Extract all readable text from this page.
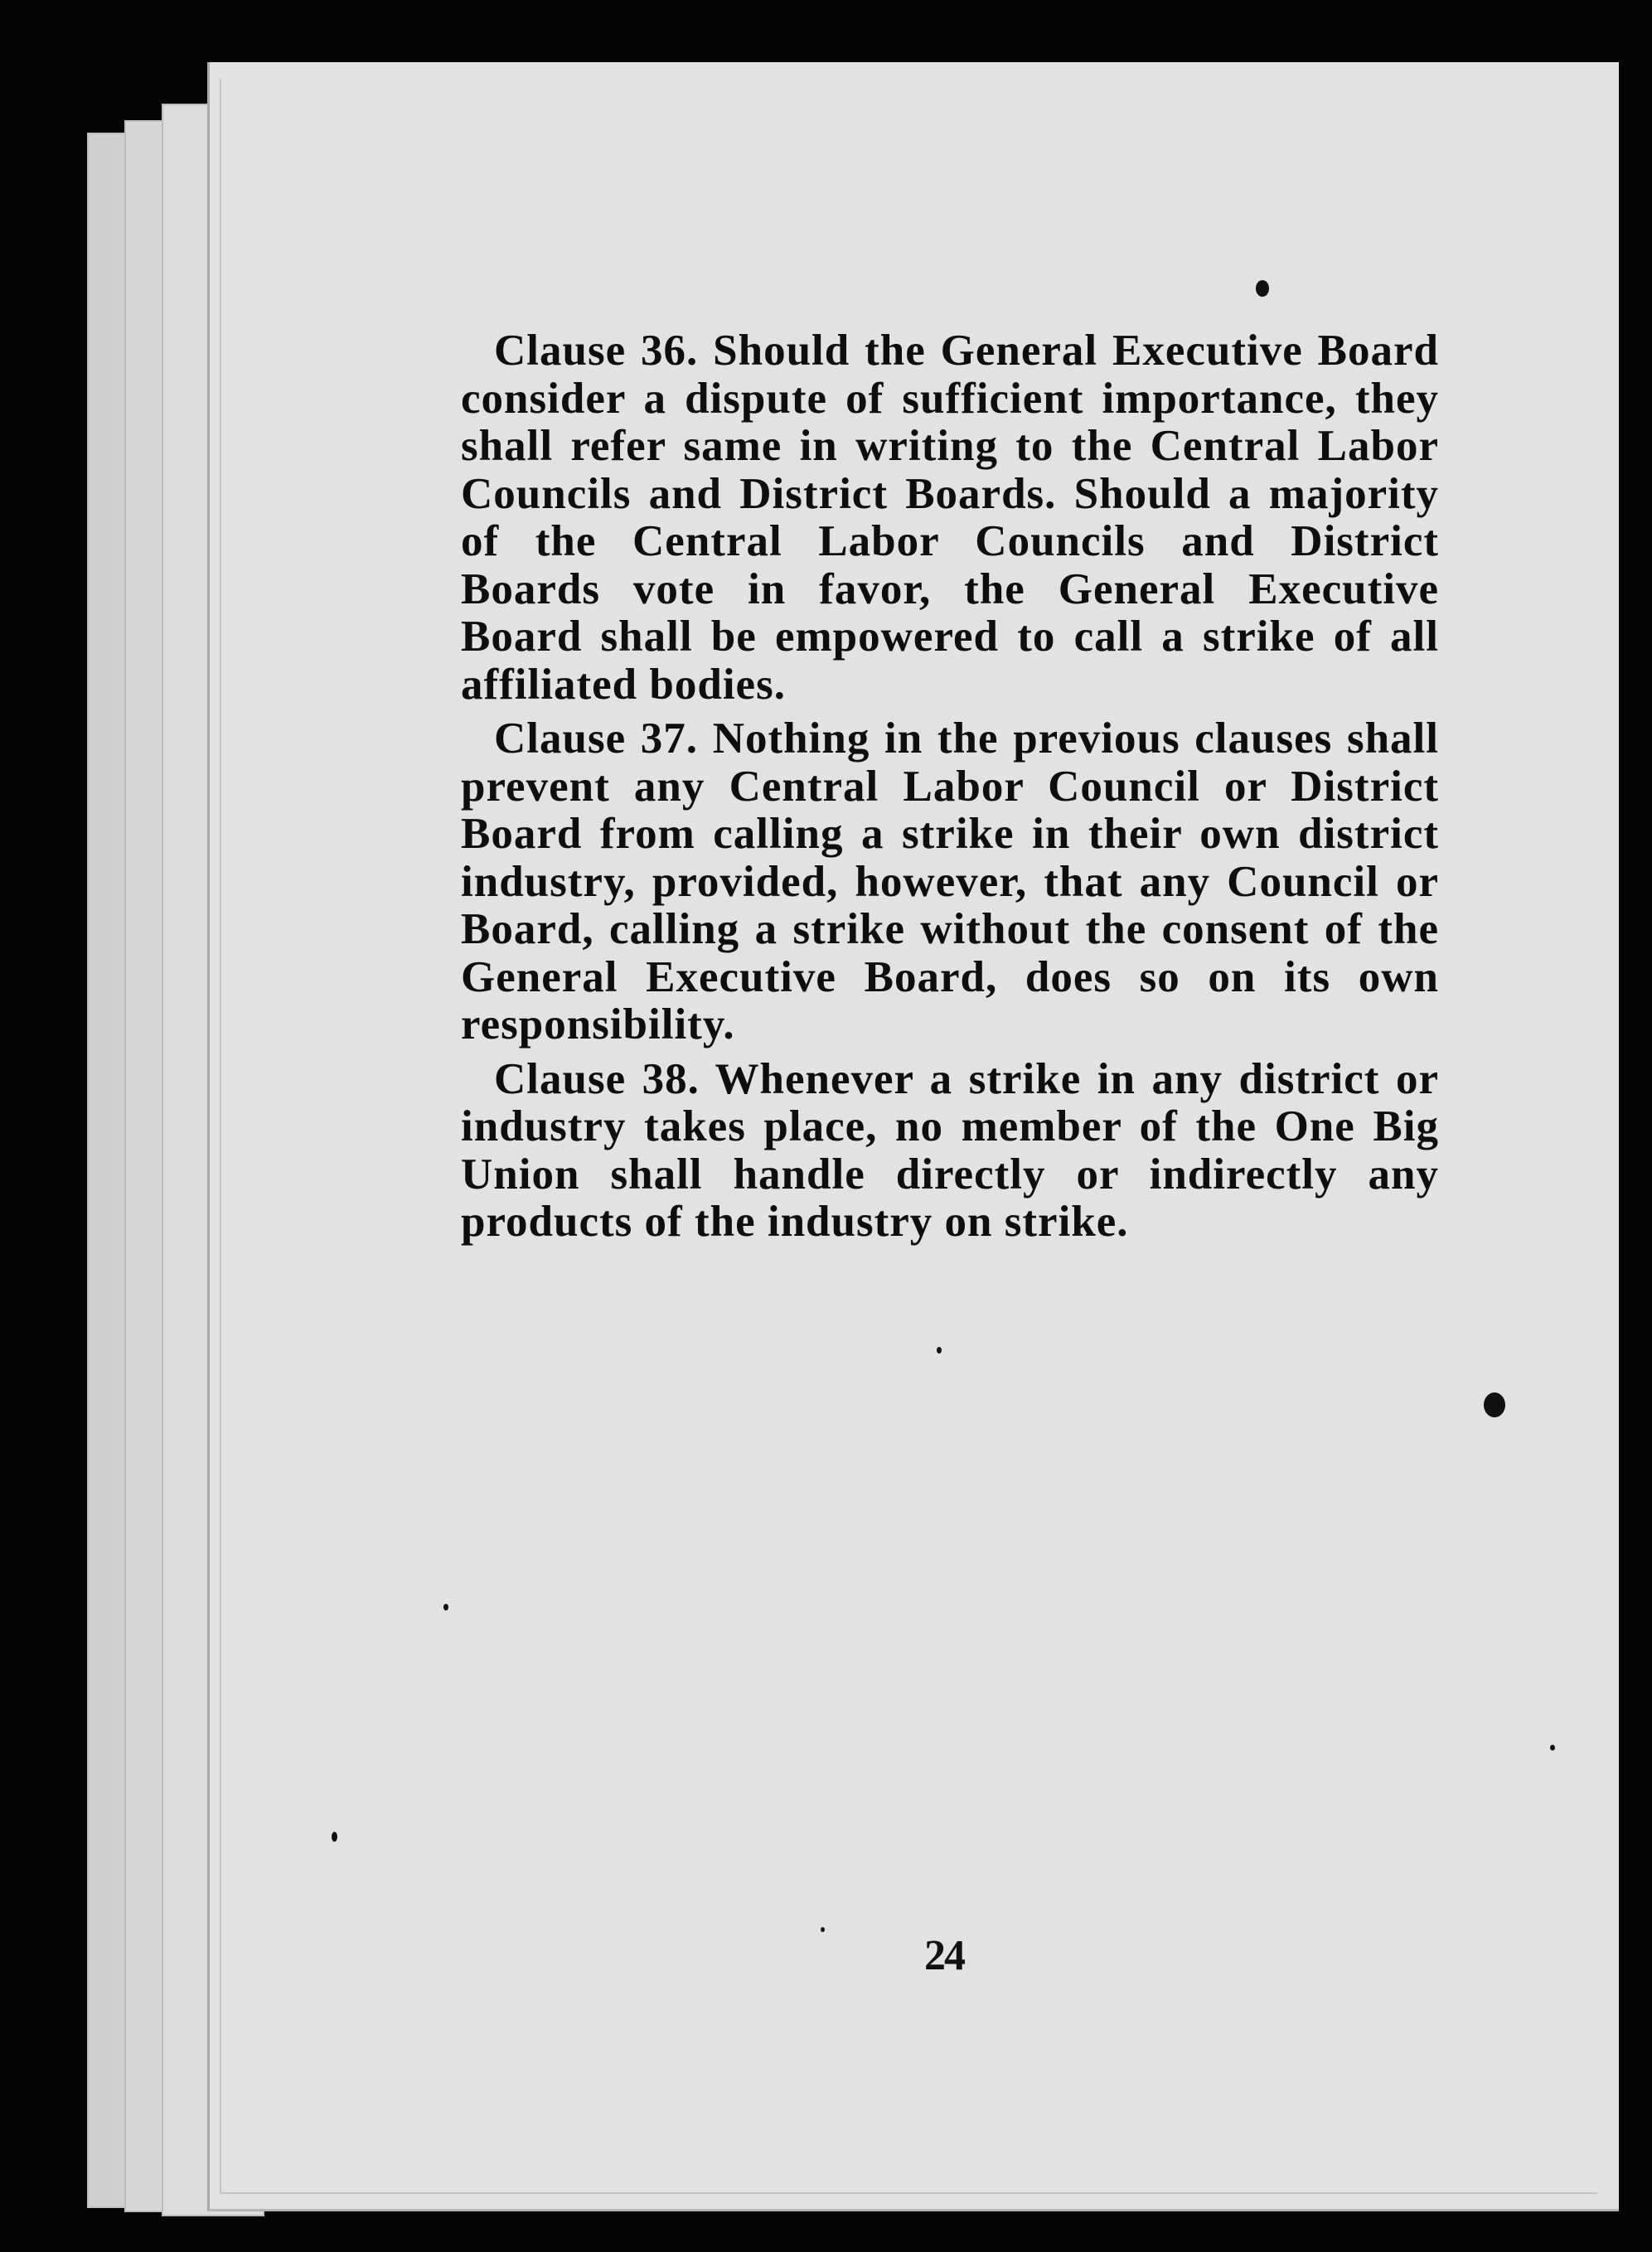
Clause 36. Should the General Executive Board consider a dispute of sufficient importance, they shall refer same in writing to the Central Labor Councils and District Boards. Should a majority of the Central Labor Councils and District Boards vote in favor, the General Executive Board shall be empowered to call a strike of all affiliated bodies.

Clause 37. Nothing in the previous clauses shall prevent any Central Labor Council or District Board from calling a strike in their own district industry, provided, however, that any Council or Board, calling a strike without the consent of the General Executive Board, does so on its own responsibility.

Clause 38. Whenever a strike in any district or industry takes place, no member of the One Big Union shall handle directly or indirectly any products of the industry on strike.

24
